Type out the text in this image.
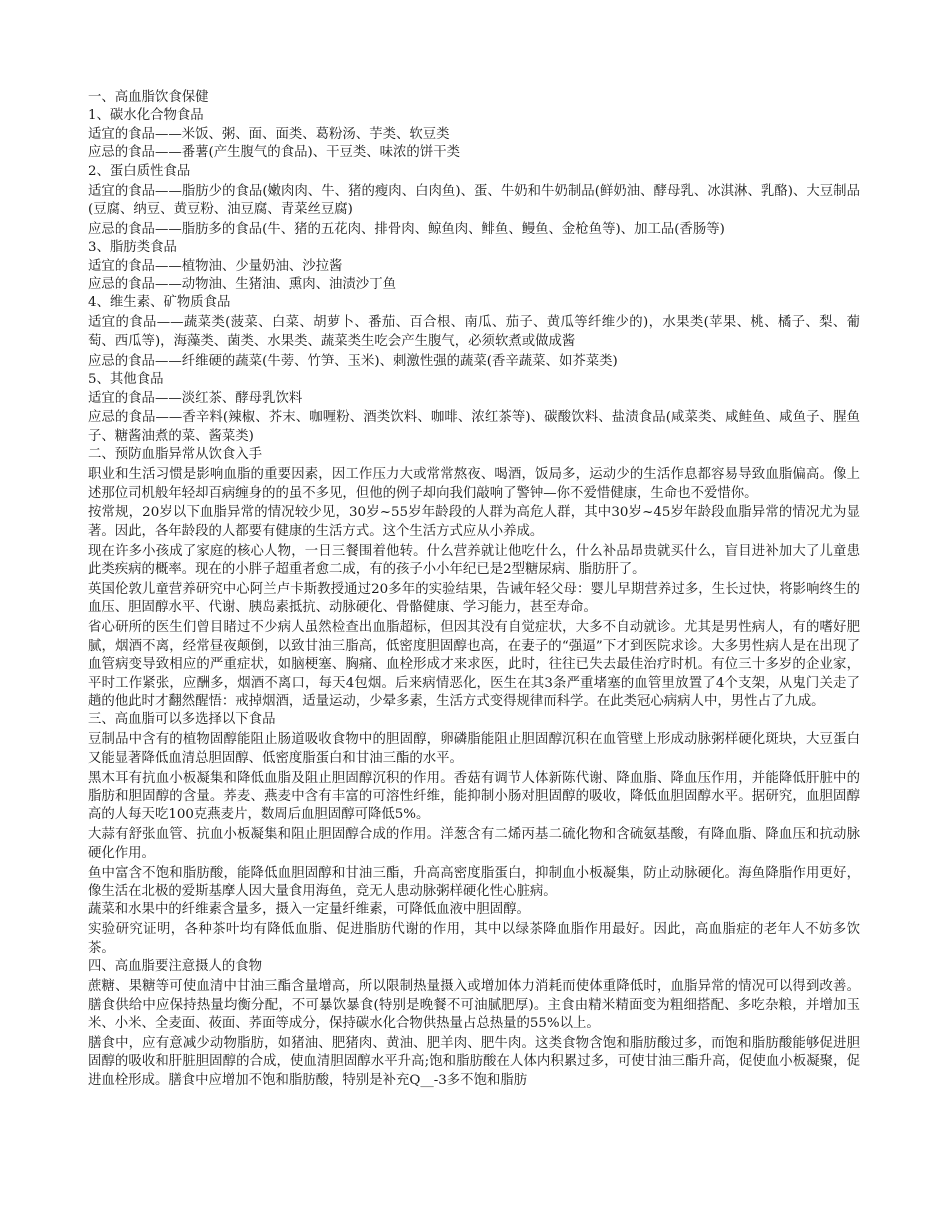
一、高血脂饮食保健

1、碳水化合物食品

适宜的食品——米饭、粥、面、面类、葛粉汤、芋类、软豆类

应忌的食品——番薯(产生腹气的食品)、干豆类、味浓的饼干类

2、蛋白质性食品

适宜的食品——脂肪少的食品(嫩肉肉、牛、猪的瘦肉、白肉鱼)、蛋、牛奶和牛奶制品(鲜奶油、酵母乳、冰淇淋、乳酪)、大豆制品(豆腐、纳豆、黄豆粉、油豆腐、青菜丝豆腐)

应忌的食品——脂肪多的食品(牛、猪的五花肉、排骨肉、鲸鱼肉、鲱鱼、鳗鱼、金枪鱼等)、加工品(香肠等)

3、脂肪类食品

适宜的食品——植物油、少量奶油、沙拉酱

应忌的食品——动物油、生猪油、熏肉、油渍沙丁鱼

4、维生素、矿物质食品

适宜的食品——蔬菜类(菠菜、白菜、胡萝卜、番茄、百合根、南瓜、茄子、黄瓜等纤维少的)，水果类(苹果、桃、橘子、梨、葡萄、西瓜等)，海藻类、菌类、水果类、蔬菜类生吃会产生腹气，必须软煮或做成酱

应忌的食品——纤维硬的蔬菜(牛蒡、竹笋、玉米)、刺激性强的蔬菜(香辛蔬菜、如芥菜类)

5、其他食品

适宜的食品——淡红茶、酵母乳饮料

应忌的食品——香辛料(辣椒、芥末、咖喱粉、酒类饮料、咖啡、浓红茶等)、碳酸饮料、盐渍食品(咸菜类、咸鲑鱼、咸鱼子、腥鱼子、糖酱油煮的菜、酱菜类)

二、预防血脂异常从饮食入手

职业和生活习惯是影响血脂的重要因素，因工作压力大或常常熬夜、喝酒，饭局多，运动少的生活作息都容易导致血脂偏高。像上述那位司机般年轻却百病缠身的的虽不多见，但他的例子却向我们敲响了警钟—你不爱惜健康，生命也不爱惜你。

按常规，20岁以下血脂异常的情况较少见，30岁~55岁年龄段的人群为高危人群，其中30岁~45岁年龄段血脂异常的情况尤为显著。因此，各年龄段的人都要有健康的生活方式。这个生活方式应从小养成。

现在许多小孩成了家庭的核心人物，一日三餐围着他转。什么营养就让他吃什么，什么补品昂贵就买什么，盲目进补加大了儿童患此类疾病的概率。现在的小胖子超重者愈二成，有的孩子小小年纪已是2型糖尿病、脂肪肝了。

英国伦敦儿童营养研究中心阿兰卢卡斯教授通过20多年的实验结果，告诫年轻父母：婴儿早期营养过多，生长过快，将影响终生的血压、胆固醇水平、代谢、胰岛素抵抗、动脉硬化、骨骼健康、学习能力，甚至寿命。

省心研所的医生们曾目睹过不少病人虽然检查出血脂超标，但因其没有自觉症状，大多不自动就诊。尤其是男性病人，有的嗜好肥腻，烟酒不离，经常昼夜颠倒，以致甘油三脂高，低密度胆固醇也高，在妻子的“强逼”下才到医院求诊。大多男性病人是在出现了血管病变导致相应的严重症状，如脑梗塞、胸痛、血栓形成才来求医，此时，往往已失去最佳治疗时机。有位三十多岁的企业家，平时工作紧张，应酬多，烟酒不离口，每天4包烟。后来病情恶化，医生在其3条严重堵塞的血管里放置了4个支架，从鬼门关走了趟的他此时才翻然醒悟：戒掉烟酒，适量运动，少晕多素，生活方式变得规律而科学。在此类冠心病病人中，男性占了九成。

三、高血脂可以多选择以下食品

豆制品中含有的植物固醇能阻止肠道吸收食物中的胆固醇，卵磷脂能阻止胆固醇沉积在血管壁上形成动脉粥样硬化斑块，大豆蛋白又能显著降低血清总胆固醇、低密度脂蛋白和甘油三酯的水平。

黑木耳有抗血小板凝集和降低血脂及阻止胆固醇沉积的作用。香菇有调节人体新陈代谢、降血脂、降血压作用，并能降低肝脏中的脂肪和胆固醇的含量。荞麦、燕麦中含有丰富的可溶性纤维，能抑制小肠对胆固醇的吸收，降低血胆固醇水平。据研究，血胆固醇高的人每天吃100克燕麦片，数周后血胆固醇可降低5%。

大蒜有舒张血管、抗血小板凝集和阻止胆固醇合成的作用。洋葱含有二烯丙基二硫化物和含硫氨基酸，有降血脂、降血压和抗动脉硬化作用。

鱼中富含不饱和脂肪酸，能降低血胆固醇和甘油三酯，升高高密度脂蛋白，抑制血小板凝集，防止动脉硬化。海鱼降脂作用更好，像生活在北极的爱斯基摩人因大量食用海鱼，竞无人患动脉粥样硬化性心脏病。

蔬菜和水果中的纤维素含量多，摄入一定量纤维素，可降低血液中胆固醇。

实验研究证明，各种茶叶均有降低血脂、促进脂肪代谢的作用，其中以绿茶降血脂作用最好。因此，高血脂症的老年人不妨多饮茶。

四、高血脂要注意摄人的食物

蔗糖、果糖等可使血清中甘油三酯含量增高，所以限制热量摄入或增加体力消耗而使体重降低时，血脂异常的情况可以得到改善。膳食供给中应保持热量均衡分配，不可暴饮暴食(特别是晚餐不可油腻肥厚)。主食由精米精面变为粗细搭配、多吃杂粮，并增加玉米、小米、全麦面、莜面、荞面等成分，保持碳水化合物供热量占总热量的55%以上。

膳食中，应有意减少动物脂肪，如猪油、肥猪肉、黄油、肥羊肉、肥牛肉。这类食物含饱和脂肪酸过多，而饱和脂肪酸能够促进胆固醇的吸收和肝脏胆固醇的合成，使血清胆固醇水平升高;饱和脂肪酸在人体内积累过多，可使甘油三酯升高，促使血小板凝聚，促进血栓形成。膳食中应增加不饱和脂肪酸，特别是补充Q__-3多不饱和脂肪
